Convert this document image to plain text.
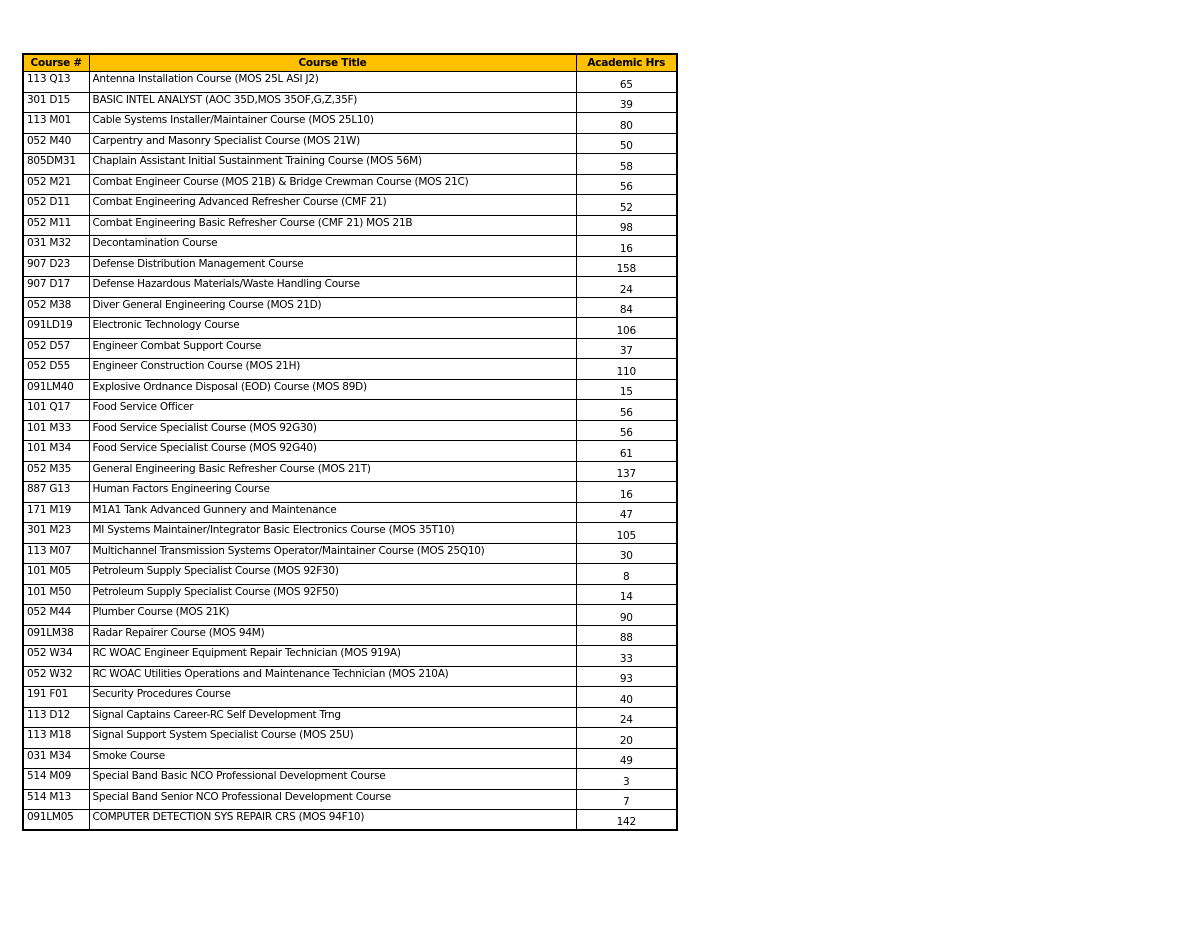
Course #	Course Title	Academic Hrs
113 Q13	Antenna Installation Course (MOS 25L ASI J2)	65
301 D15	BASIC INTEL ANALYST (AOC 35D,MOS 35OF,G,Z,35F)	39
113 M01	Cable Systems Installer/Maintainer Course (MOS 25L10)	80
052 M40	Carpentry and Masonry Specialist Course (MOS 21W)	50
805DM31	Chaplain Assistant Initial Sustainment Training Course (MOS 56M)	58
052 M21	Combat Engineer Course (MOS 21B) & Bridge Crewman Course (MOS 21C)	56
052 D11	Combat Engineering Advanced Refresher Course (CMF 21)	52
052 M11	Combat Engineering Basic Refresher Course (CMF 21) MOS 21B	98
031 M32	Decontamination Course	16
907 D23	Defense Distribution Management Course	158
907 D17	Defense Hazardous Materials/Waste Handling Course	24
052 M38	Diver General Engineering Course (MOS 21D)	84
091LD19	Electronic Technology Course	106
052 D57	Engineer Combat Support Course	37
052 D55	Engineer Construction Course (MOS 21H)	110
091LM40	Explosive Ordnance Disposal (EOD) Course (MOS 89D)	15
101 Q17	Food Service Officer	56
101 M33	Food Service Specialist Course (MOS 92G30)	56
101 M34	Food Service Specialist Course (MOS 92G40)	61
052 M35	General Engineering Basic Refresher Course (MOS 21T)	137
887 G13	Human Factors Engineering Course	16
171 M19	M1A1 Tank Advanced Gunnery and Maintenance	47
301 M23	MI Systems Maintainer/Integrator Basic Electronics Course (MOS 35T10)	105
113 M07	Multichannel Transmission Systems Operator/Maintainer Course (MOS 25Q10)	30
101 M05	Petroleum Supply Specialist Course (MOS 92F30)	8
101 M50	Petroleum Supply Specialist Course (MOS 92F50)	14
052 M44	Plumber Course (MOS 21K)	90
091LM38	Radar Repairer Course (MOS 94M)	88
052 W34	RC WOAC Engineer Equipment Repair Technician (MOS 919A)	33
052 W32	RC WOAC Utilities Operations and Maintenance Technician (MOS 210A)	93
191 F01	Security Procedures Course	40
113 D12	Signal Captains Career-RC Self Development Trng	24
113 M18	Signal Support System Specialist Course (MOS 25U)	20
031 M34	Smoke Course	49
514 M09	Special Band Basic NCO Professional Development Course	3
514 M13	Special Band Senior NCO Professional Development Course	7
091LM05	COMPUTER DETECTION SYS REPAIR CRS (MOS 94F10)	142
